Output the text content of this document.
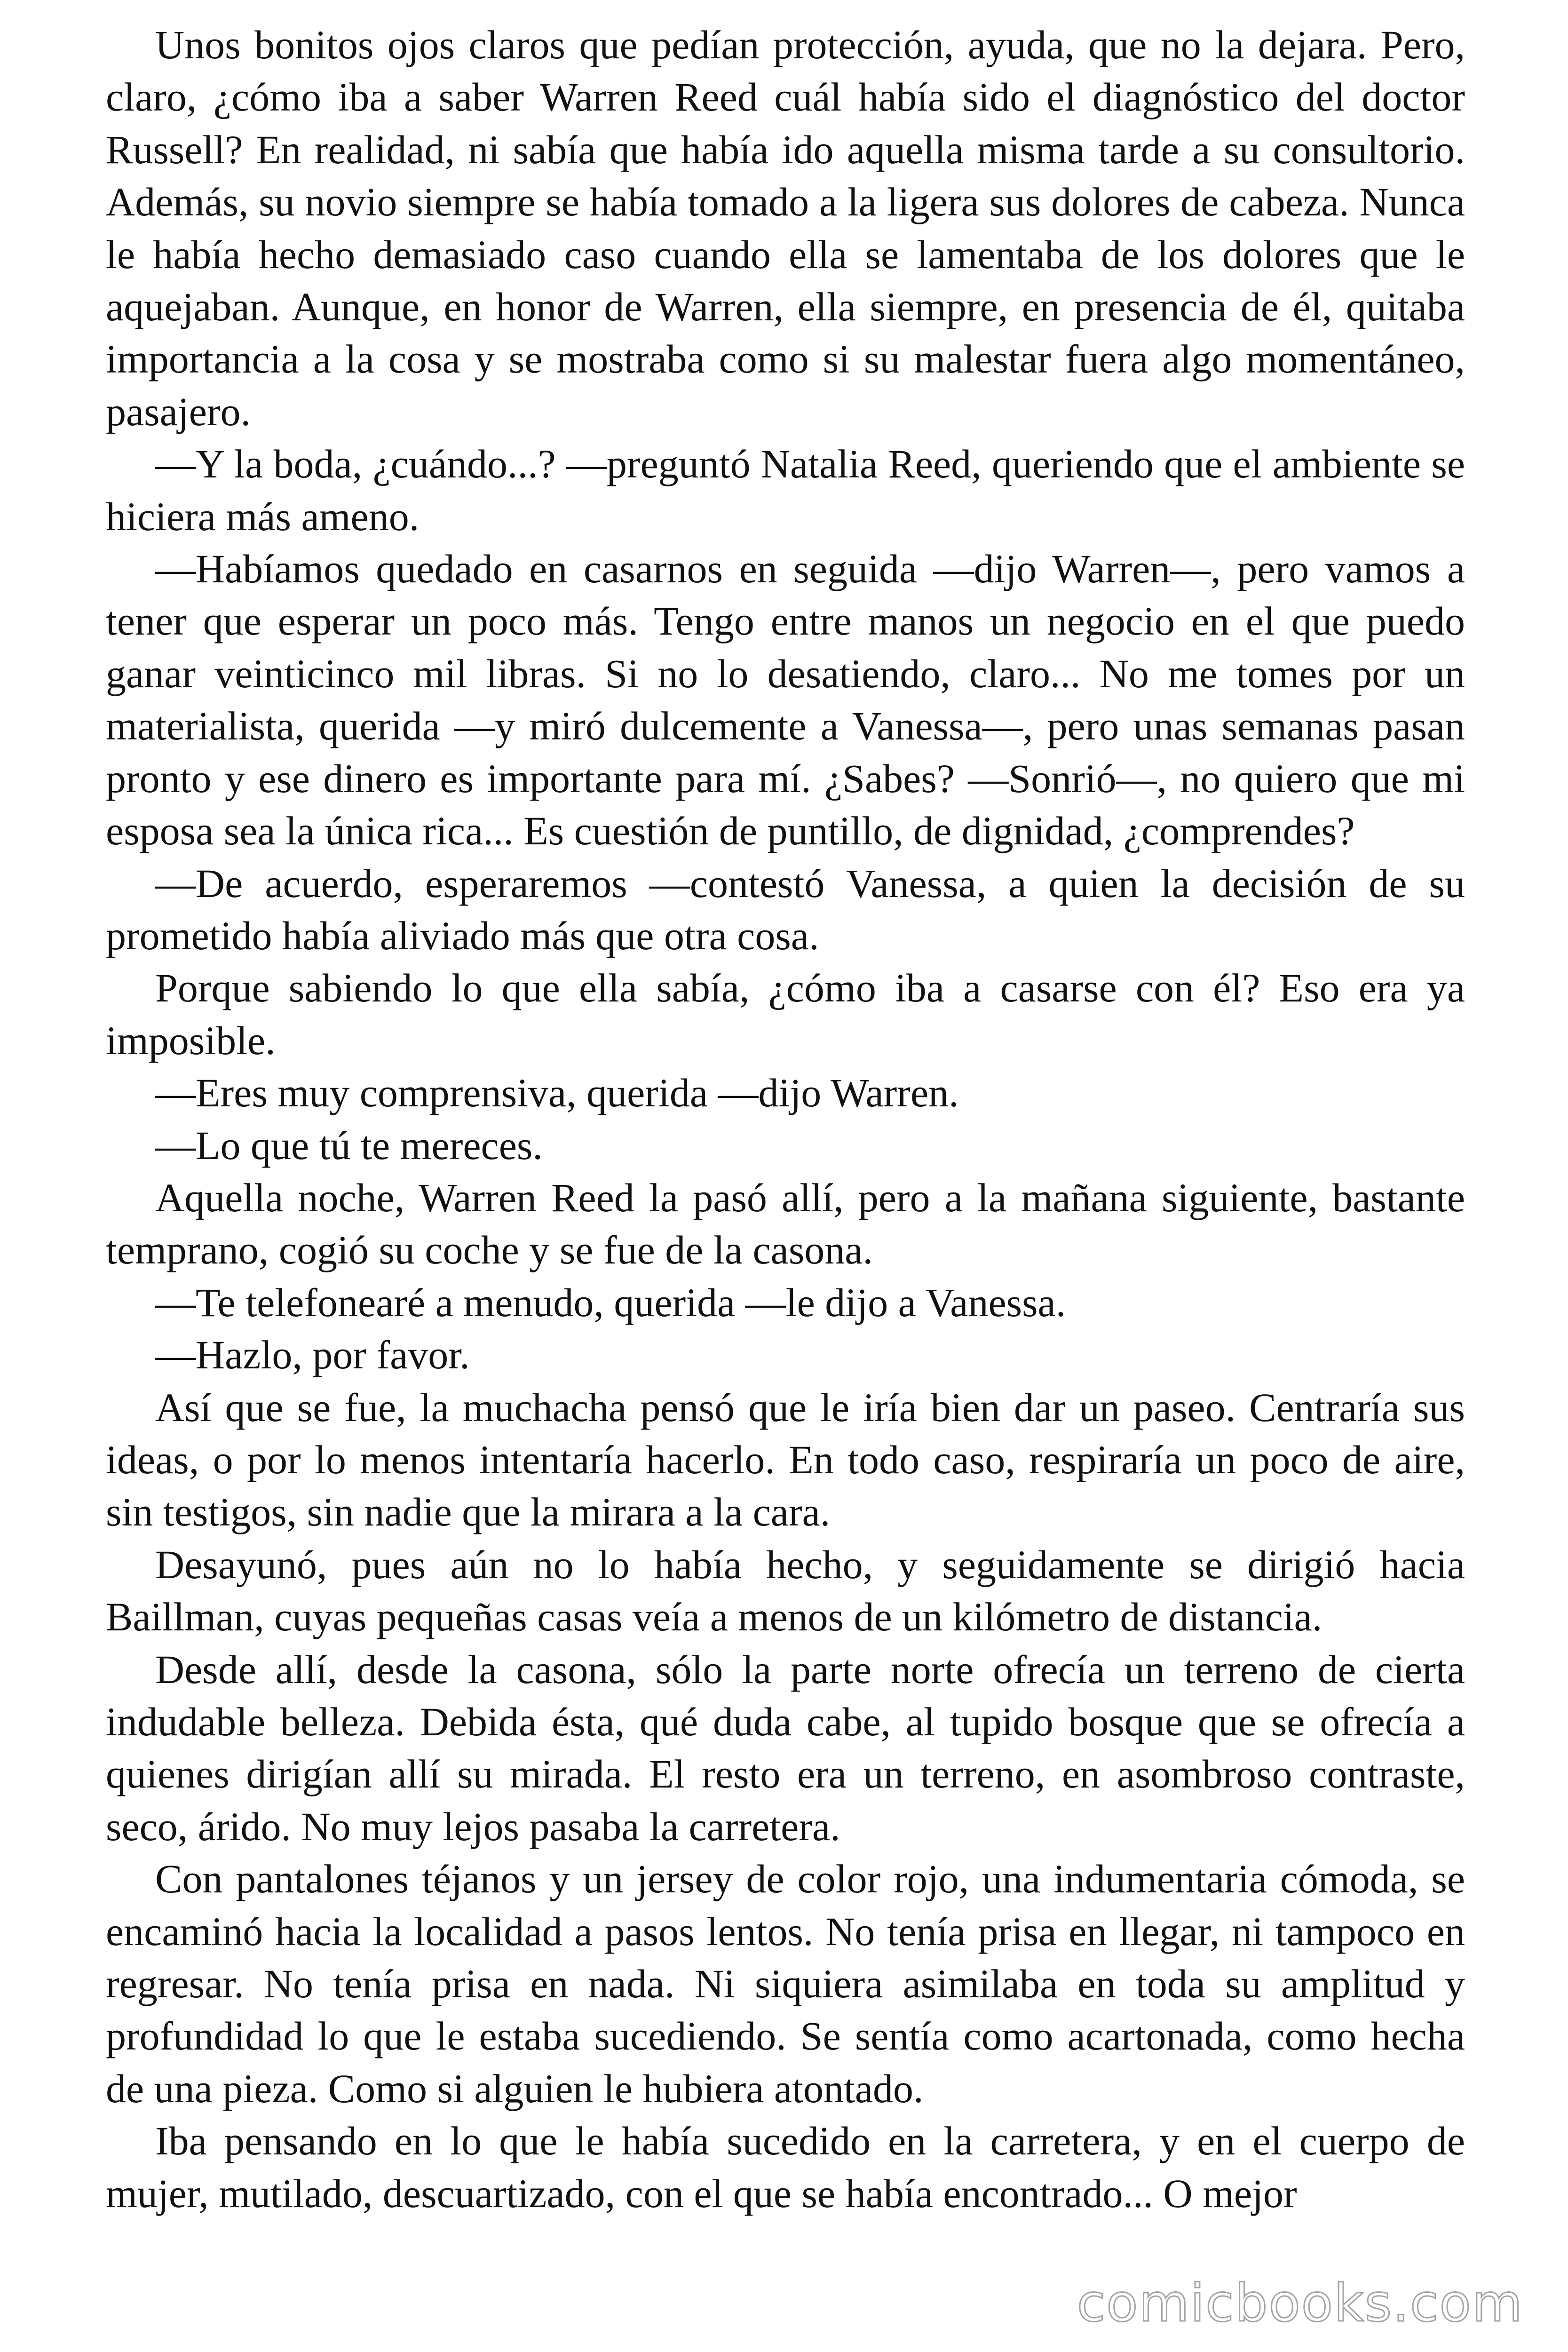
Unos bonitos ojos claros que pedían protección, ayuda, que no la dejara. Pero, claro, ¿cómo iba a saber Warren Reed cuál había sido el diagnóstico del doctor Russell? En realidad, ni sabía que había ido aquella misma tarde a su consultorio. Además, su novio siempre se había tomado a la ligera sus dolores de cabeza. Nunca le había hecho demasiado caso cuando ella se lamentaba de los dolores que le aquejaban. Aunque, en honor de Warren, ella siempre, en presencia de él, quitaba importancia a la cosa y se mostraba como si su malestar fuera algo momentáneo, pasajero.

—Y la boda, ¿cuándo...? —preguntó Natalia Reed, queriendo que el ambiente se hiciera más ameno.

—Habíamos quedado en casarnos en seguida —dijo Warren—, pero vamos a tener que esperar un poco más. Tengo entre manos un negocio en el que puedo ganar veinticinco mil libras. Si no lo desatiendo, claro... No me tomes por un materialista, querida —y miró dulcemente a Vanessa—, pero unas semanas pasan pronto y ese dinero es importante para mí. ¿Sabes? —Sonrió—, no quiero que mi esposa sea la única rica... Es cuestión de puntillo, de dignidad, ¿comprendes?

—De acuerdo, esperaremos —contestó Vanessa, a quien la decisión de su prometido había aliviado más que otra cosa.

Porque sabiendo lo que ella sabía, ¿cómo iba a casarse con él? Eso era ya imposible.

—Eres muy comprensiva, querida —dijo Warren.

—Lo que tú te mereces.

Aquella noche, Warren Reed la pasó allí, pero a la mañana siguiente, bastante temprano, cogió su coche y se fue de la casona.

—Te telefonearé a menudo, querida —le dijo a Vanessa.

—Hazlo, por favor.

Así que se fue, la muchacha pensó que le iría bien dar un paseo. Centraría sus ideas, o por lo menos intentaría hacerlo. En todo caso, respiraría un poco de aire, sin testigos, sin nadie que la mirara a la cara.

Desayunó, pues aún no lo había hecho, y seguidamente se dirigió hacia Baillman, cuyas pequeñas casas veía a menos de un kilómetro de distancia.

Desde allí, desde la casona, sólo la parte norte ofrecía un terreno de cierta indudable belleza. Debida ésta, qué duda cabe, al tupido bosque que se ofrecía a quienes dirigían allí su mirada. El resto era un terreno, en asombroso contraste, seco, árido. No muy lejos pasaba la carretera.

Con pantalones téjanos y un jersey de color rojo, una indumentaria cómoda, se encaminó hacia la localidad a pasos lentos. No tenía prisa en llegar, ni tampoco en regresar. No tenía prisa en nada. Ni siquiera asimilaba en toda su amplitud y profundidad lo que le estaba sucediendo. Se sentía como acartonada, como hecha de una pieza. Como si alguien le hubiera atontado.

Iba pensando en lo que le había sucedido en la carretera, y en el cuerpo de mujer, mutilado, descuartizado, con el que se había encontrado... O mejor

comicbooks.com
